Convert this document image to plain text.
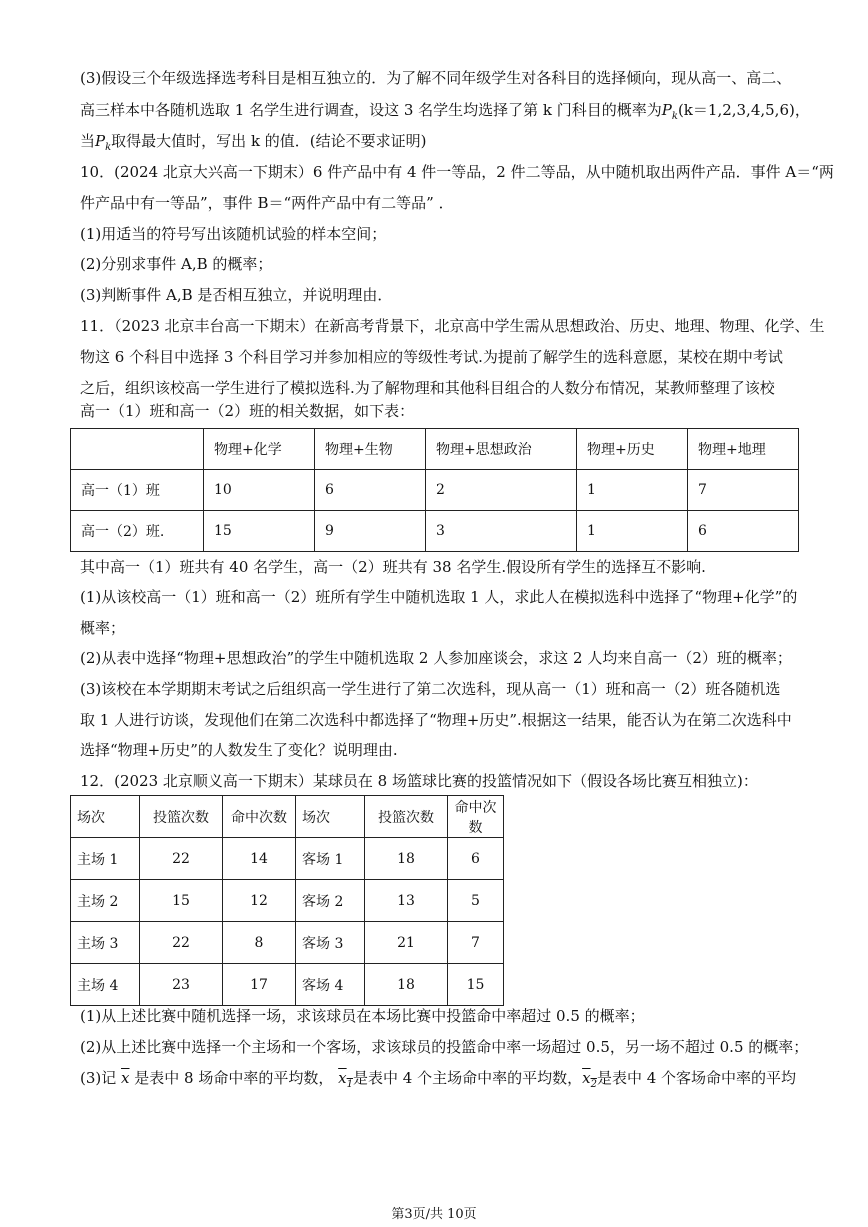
(3)假设三个年级选择选考科目是相互独立的．为了解不同年级学生对各科目的选择倾向，现从高一、高二、
高三样本中各随机选取 1 名学生进行调查，设这 3 名学生均选择了第 k 门科目的概率为$P_k(k=1,2,3,4,5,6)$，
当$P_k$取得最大值时，写出 k 的值．(结论不要求证明)
10．(2024 北京大兴高一下期末）6 件产品中有 4 件一等品，2 件二等品，从中随机取出两件产品．事件 A＝“两
件产品中有一等品”，事件 B＝“两件产品中有二等品” ．
(1)用适当的符号写出该随机试验的样本空间；
(2)分别求事件 A,B 的概率；
(3)判断事件 A,B 是否相互独立，并说明理由．
11．（2023 北京丰台高一下期末）在新高考背景下，北京高中学生需从思想政治、历史、地理、物理、化学、生
物这 6 个科目中选择 3 个科目学习并参加相应的等级性考试.为提前了解学生的选科意愿，某校在期中考试
之后，组织该校高一学生进行了模拟选科.为了解物理和其他科目组合的人数分布情况，某教师整理了该校
高一（1）班和高一（2）班的相关数据，如下表：
	物理+化学	物理+生物	物理+思想政治	物理+历史	物理+地理
高一（1）班	10	6	2	1	7
高一（2）班.	15	9	3	1	6
其中高一（1）班共有 40 名学生，高一（2）班共有 38 名学生.假设所有学生的选择互不影响.
(1)从该校高一（1）班和高一（2）班所有学生中随机选取 1 人，求此人在模拟选科中选择了“物理+化学”的
概率；
(2)从表中选择“物理+思想政治”的学生中随机选取 2 人参加座谈会，求这 2 人均来自高一（2）班的概率；
(3)该校在本学期期末考试之后组织高一学生进行了第二次选科，现从高一（1）班和高一（2）班各随机选
取 1 人进行访谈，发现他们在第二次选科中都选择了“物理+历史”.根据这一结果，能否认为在第二次选科中
选择“物理+历史”的人数发生了变化？说明理由.
12．(2023 北京顺义高一下期末）某球员在 8 场篮球比赛的投篮情况如下（假设各场比赛互相独立)：
场次	投篮次数	命中次数	场次	投篮次数	命中次数
主场 1	22	14	客场 1	18	6
主场 2	15	12	客场 2	13	5
主场 3	22	8	客场 3	21	7
主场 4	23	17	客场 4	18	15
(1)从上述比赛中随机选择一场，求该球员在本场比赛中投篮命中率超过 0.5 的概率；
(2)从上述比赛中选择一个主场和一个客场，求该球员的投篮命中率一场超过 0.5，另一场不超过 0.5 的概率；
(3)记 $\overline{x}$ 是表中 8 场命中率的平均数， $x_1$是表中 4 个主场命中率的平均数，$x_2$是表中 4 个客场命中率的平均
第3页/共 10页
